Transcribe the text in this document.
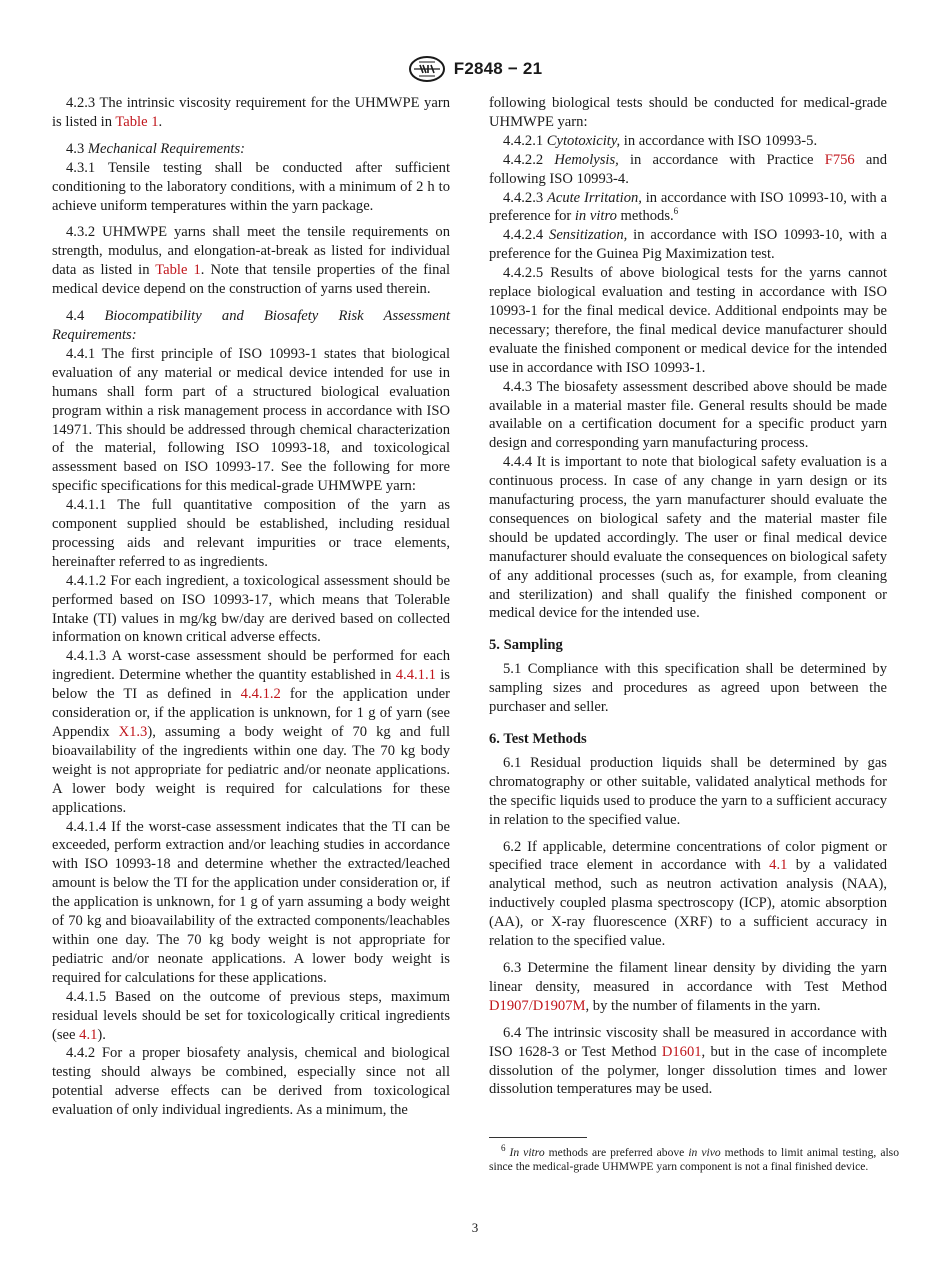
F2848 − 21

4.2.3 The intrinsic viscosity requirement for the UHMWPE yarn is listed in Table 1.

4.3 Mechanical Requirements:

4.3.1 Tensile testing shall be conducted after sufficient conditioning to the laboratory conditions, with a minimum of 2 h to achieve uniform temperatures within the yarn package.

4.3.2 UHMWPE yarns shall meet the tensile requirements on strength, modulus, and elongation-at-break as listed for individual data as listed in Table 1. Note that tensile properties of the final medical device depend on the construction of yarns used therein.

4.4 Biocompatibility and Biosafety Risk Assessment Requirements:

4.4.1 The first principle of ISO 10993-1 states that biological evaluation of any material or medical device intended for use in humans shall form part of a structured biological evaluation program within a risk management process in accordance with ISO 14971. This should be addressed through chemical characterization of the material, following ISO 10993-18, and toxicological assessment based on ISO 10993-17. See the following for more specific specifications for this medical-grade UHMWPE yarn:

4.4.1.1 The full quantitative composition of the yarn as component supplied should be established, including residual processing aids and relevant impurities or trace elements, hereinafter referred to as ingredients.

4.4.1.2 For each ingredient, a toxicological assessment should be performed based on ISO 10993-17, which means that Tolerable Intake (TI) values in mg/kg bw/day are derived based on collected information on known critical adverse effects.

4.4.1.3 A worst-case assessment should be performed for each ingredient. Determine whether the quantity established in 4.4.1.1 is below the TI as defined in 4.4.1.2 for the application under consideration or, if the application is unknown, for 1 g of yarn (see Appendix X1.3), assuming a body weight of 70 kg and full bioavailability of the ingredients within one day. The 70 kg body weight is not appropriate for pediatric and/or neonate applications. A lower body weight is required for calculations for these applications.

4.4.1.4 If the worst-case assessment indicates that the TI can be exceeded, perform extraction and/or leaching studies in accordance with ISO 10993-18 and determine whether the extracted/leached amount is below the TI for the application under consideration or, if the application is unknown, for 1 g of yarn assuming a body weight of 70 kg and bioavailability of the extracted components/leachables within one day. The 70 kg body weight is not appropriate for pediatric and/or neonate applications. A lower body weight is required for calculations for these applications.

4.4.1.5 Based on the outcome of previous steps, maximum residual levels should be set for toxicologically critical ingredients (see 4.1).

4.4.2 For a proper biosafety analysis, chemical and biological testing should always be combined, especially since not all potential adverse effects can be derived from toxicological evaluation of only individual ingredients. As a minimum, the

following biological tests should be conducted for medical-grade UHMWPE yarn:

4.4.2.1 Cytotoxicity, in accordance with ISO 10993-5.

4.4.2.2 Hemolysis, in accordance with Practice F756 and following ISO 10993-4.

4.4.2.3 Acute Irritation, in accordance with ISO 10993-10, with a preference for in vitro methods.$^6$

4.4.2.4 Sensitization, in accordance with ISO 10993-10, with a preference for the Guinea Pig Maximization test.

4.4.2.5 Results of above biological tests for the yarns cannot replace biological evaluation and testing in accordance with ISO 10993-1 for the final medical device. Additional endpoints may be necessary; therefore, the final medical device manufacturer should evaluate the finished component or medical device for the intended use in accordance with ISO 10993-1.

4.4.3 The biosafety assessment described above should be made available in a material master file. General results should be made available on a certification document for a specific product yarn design and corresponding yarn manufacturing process.

4.4.4 It is important to note that biological safety evaluation is a continuous process. In case of any change in yarn design or its manufacturing process, the yarn manufacturer should evaluate the consequences on biological safety and the material master file should be updated accordingly. The user or final medical device manufacturer should evaluate the consequences on biological safety of any additional processes (such as, for example, from cleaning and sterilization) and shall qualify the finished component or medical device for the intended use.

5. Sampling

5.1 Compliance with this specification shall be determined by sampling sizes and procedures as agreed upon between the purchaser and seller.

6. Test Methods

6.1 Residual production liquids shall be determined by gas chromatography or other suitable, validated analytical methods for the specific liquids used to produce the yarn to a sufficient accuracy in relation to the specified value.

6.2 If applicable, determine concentrations of color pigment or specified trace element in accordance with 4.1 by a validated analytical method, such as neutron activation analysis (NAA), inductively coupled plasma spectroscopy (ICP), atomic absorption (AA), or X-ray fluorescence (XRF) to a sufficient accuracy in relation to the specified value.

6.3 Determine the filament linear density by dividing the yarn linear density, measured in accordance with Test Method D1907/D1907M, by the number of filaments in the yarn.

6.4 The intrinsic viscosity shall be measured in accordance with ISO 1628-3 or Test Method D1601, but in the case of incomplete dissolution of the polymer, longer dissolution times and lower dissolution temperatures may be used.

$^6$ In vitro methods are preferred above in vivo methods to limit animal testing, also since the medical-grade UHMWPE yarn component is not a final finished device.
3
